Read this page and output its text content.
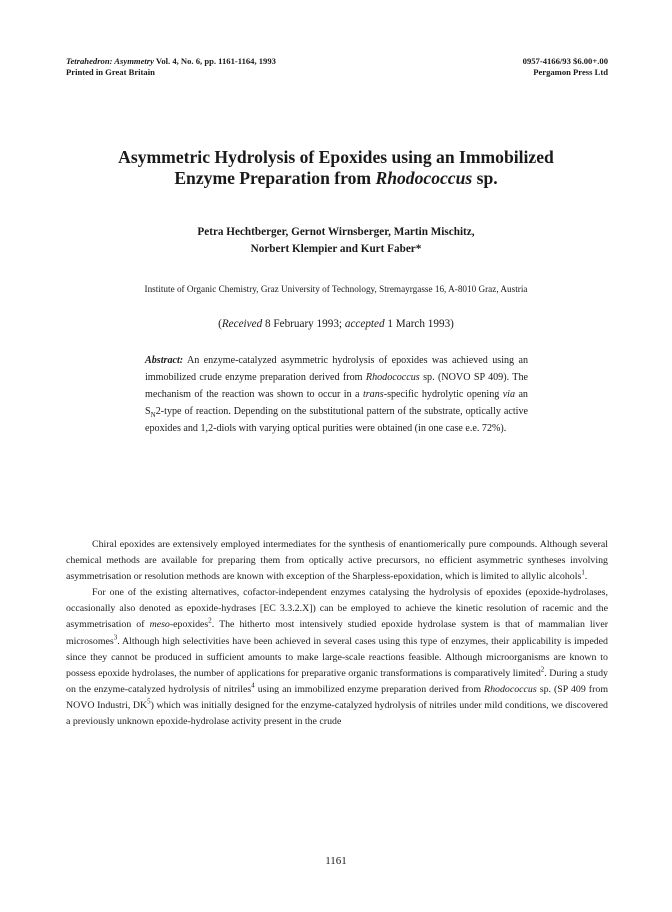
Tetrahedron: Asymmetry Vol. 4, No. 6, pp. 1161-1164, 1993
Printed in Great Britain
0957-4166/93 $6.00+.00
Pergamon Press Ltd
Asymmetric Hydrolysis of Epoxides using an Immobilized
Enzyme Preparation from Rhodococcus sp.
Petra Hechtberger, Gernot Wirnsberger, Martin Mischitz,
Norbert Klempier and Kurt Faber*
Institute of Organic Chemistry, Graz University of Technology, Stremayrgasse 16, A-8010 Graz, Austria
(Received 8 February 1993; accepted 1 March 1993)
Abstract: An enzyme-catalyzed asymmetric hydrolysis of epoxides was achieved using an immobilized crude enzyme preparation derived from Rhodococcus sp. (NOVO SP 409). The mechanism of the reaction was shown to occur in a trans-specific hydrolytic opening via an $S_N2$-type of reaction. Depending on the substitutional pattern of the substrate, optically active epoxides and 1,2-diols with varying optical purities were obtained (in one case e.e. 72%).

Chiral epoxides are extensively employed intermediates for the synthesis of enantiomerically pure compounds. Although several chemical methods are available for preparing them from optically active precursors, no efficient asymmetric syntheses involving asymmetrisation or resolution methods are known with exception of the Sharpless-epoxidation, which is limited to allylic alcohols$^1$.

For one of the existing alternatives, cofactor-independent enzymes catalysing the hydrolysis of epoxides (epoxide-hydrolases, occasionally also denoted as epoxide-hydrases [EC 3.3.2.X]) can be employed to achieve the kinetic resolution of racemic and the asymmetrisation of meso-epoxides$^2$. The hitherto most intensively studied epoxide hydrolase system is that of mammalian liver microsomes$^3$. Although high selectivities have been achieved in several cases using this type of enzymes, their applicability is impeded since they cannot be produced in sufficient amounts to make large-scale reactions feasible. Although microorganisms are known to possess epoxide hydrolases, the number of applications for preparative organic transformations is comparatively limited$^2$. During a study on the enzyme-catalyzed hydrolysis of nitriles$^4$ using an immobilized enzyme preparation derived from Rhodococcus sp. (SP 409 from NOVO Industri, $DK^5$) which was initially designed for the enzyme-catalyzed hydrolysis of nitriles under mild conditions, we discovered a previously unknown epoxide-hydrolase activity present in the crude

1161
